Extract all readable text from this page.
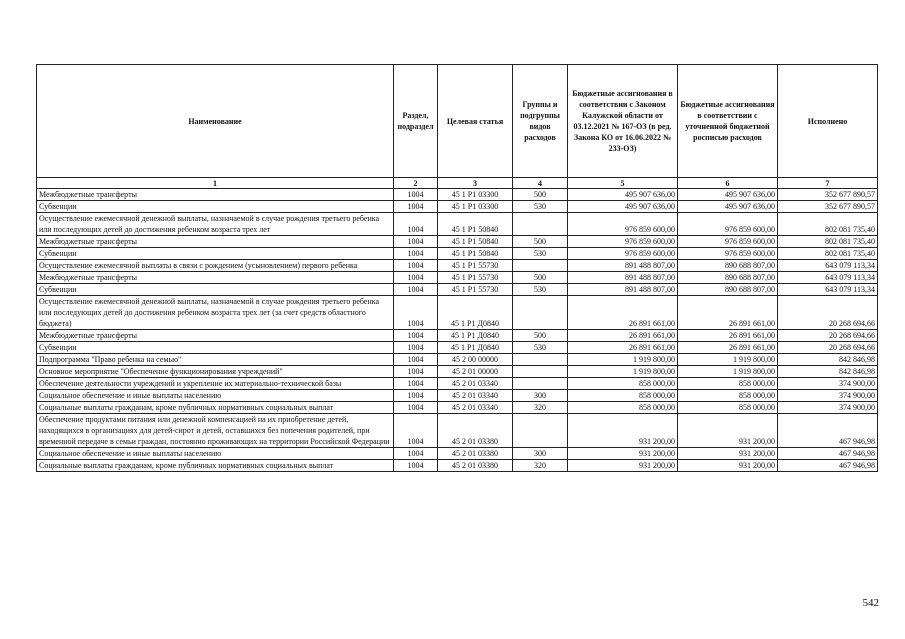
Наименование	Раздел, подраздел	Целевая статья	Группы и подгруппы видов расходов	Бюджетные ассигнования в соответствии с Законом Калужской области от 03.12.2021 № 167-ОЗ (в ред. Закона КО от 16.06.2022 № 233-ОЗ)	Бюджетные ассигнования в соответствии с уточненной бюджетной росписью расходов	Исполнено
1	2	3	4	5	6	7
Межбюджетные трансферты	1004	45 1 P1 03300	500	495 907 636,00	495 907 636,00	352 677 890,57
Субвенции	1004	45 1 P1 03300	530	495 907 636,00	495 907 636,00	352 677 890,57
Осуществление ежемесячной денежной выплаты, назначаемой в случае рождения третьего ребенка или последующих детей до достижения ребенком возраста трех лет	1004	45 1 P1 50840		976 859 600,00	976 859 600,00	802 081 735,40
Межбюджетные трансферты	1004	45 1 P1 50840	500	976 859 600,00	976 859 600,00	802 081 735,40
Субвенции	1004	45 1 P1 50840	530	976 859 600,00	976 859 600,00	802 081 735,40
Осуществление ежемесячной выплаты в связи с рождением (усыновлением) первого ребенка	1004	45 1 P1 55730		891 488 807,00	890 688 807,00	643 079 113,34
Межбюджетные трансферты	1004	45 1 P1 55730	500	891 488 807,00	890 688 807,00	643 079 113,34
Субвенции	1004	45 1 P1 55730	530	891 488 807,00	890 688 807,00	643 079 113,34
Осуществление ежемесячной денежной выплаты, назначаемой в случае рождения третьего ребенка или последующих детей до достижения ребенком возраста трех лет (за счет средств областного бюджета)	1004	45 1 P1 Д0840		26 891 661,00	26 891 661,00	20 268 694,66
Межбюджетные трансферты	1004	45 1 P1 Д0840	500	26 891 661,00	26 891 661,00	20 268 694,66
Субвенции	1004	45 1 P1 Д0840	530	26 891 661,00	26 891 661,00	20 268 694,66
Подпрограмма "Право ребенка на семью"	1004	45 2 00 00000		1 919 800,00	1 919 800,00	842 846,98
Основное мероприятие "Обеспечение функционирования учреждений"	1004	45 2 01 00000		1 919 800,00	1 919 800,00	842 846,98
Обеспечение деятельности учреждений и укрепление их материально-технической базы	1004	45 2 01 03340		858 000,00	858 000,00	374 900,00
Социальное обеспечение и иные выплаты населению	1004	45 2 01 03340	300	858 000,00	858 000,00	374 900,00
Социальные выплаты гражданам, кроме публичных нормативных социальных выплат	1004	45 2 01 03340	320	858 000,00	858 000,00	374 900,00
Обеспечение продуктами питания или денежной компенсацией на их приобретение детей, находящихся в организациях для детей-сирот и детей, оставшихся без попечения родителей, при временной передаче в семьи граждан, постоянно проживающих на территории Российской Федерации	1004	45 2 01 03380		931 200,00	931 200,00	467 946,98
Социальное обеспечение и иные выплаты населению	1004	45 2 01 03380	300	931 200,00	931 200,00	467 946,98
Социальные выплаты гражданам, кроме публичных нормативных социальных выплат	1004	45 2 01 03380	320	931 200,00	931 200,00	467 946,98
542
